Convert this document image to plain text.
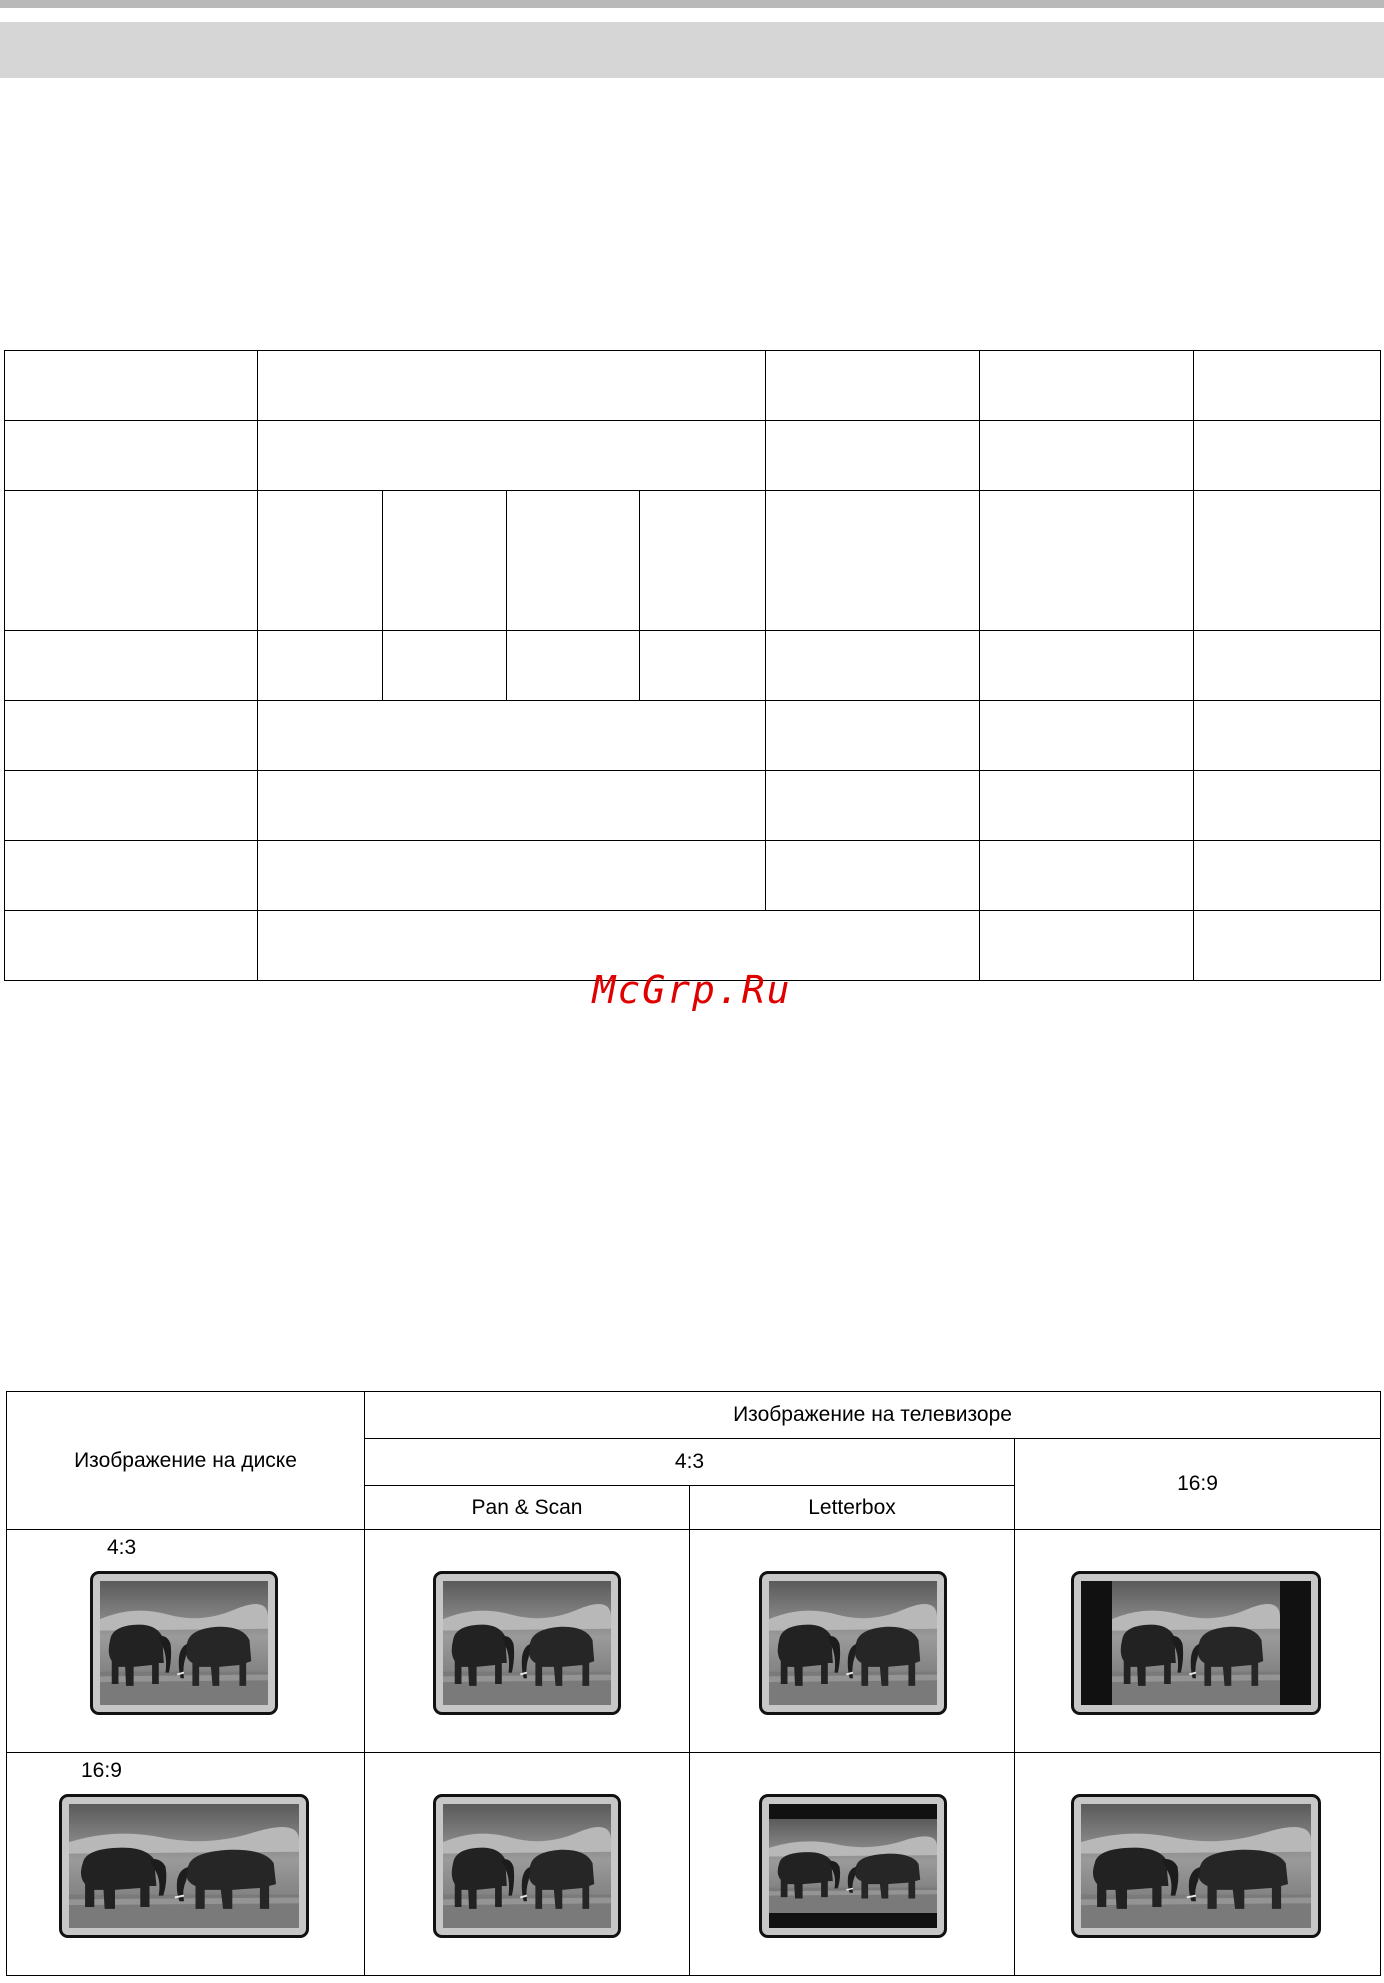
McGrp.Ru
Изображение на диске	Изображение на телевизоре		
	4:3		16:9
	Pan & Scan	Letterbox	

4:3

16:9
